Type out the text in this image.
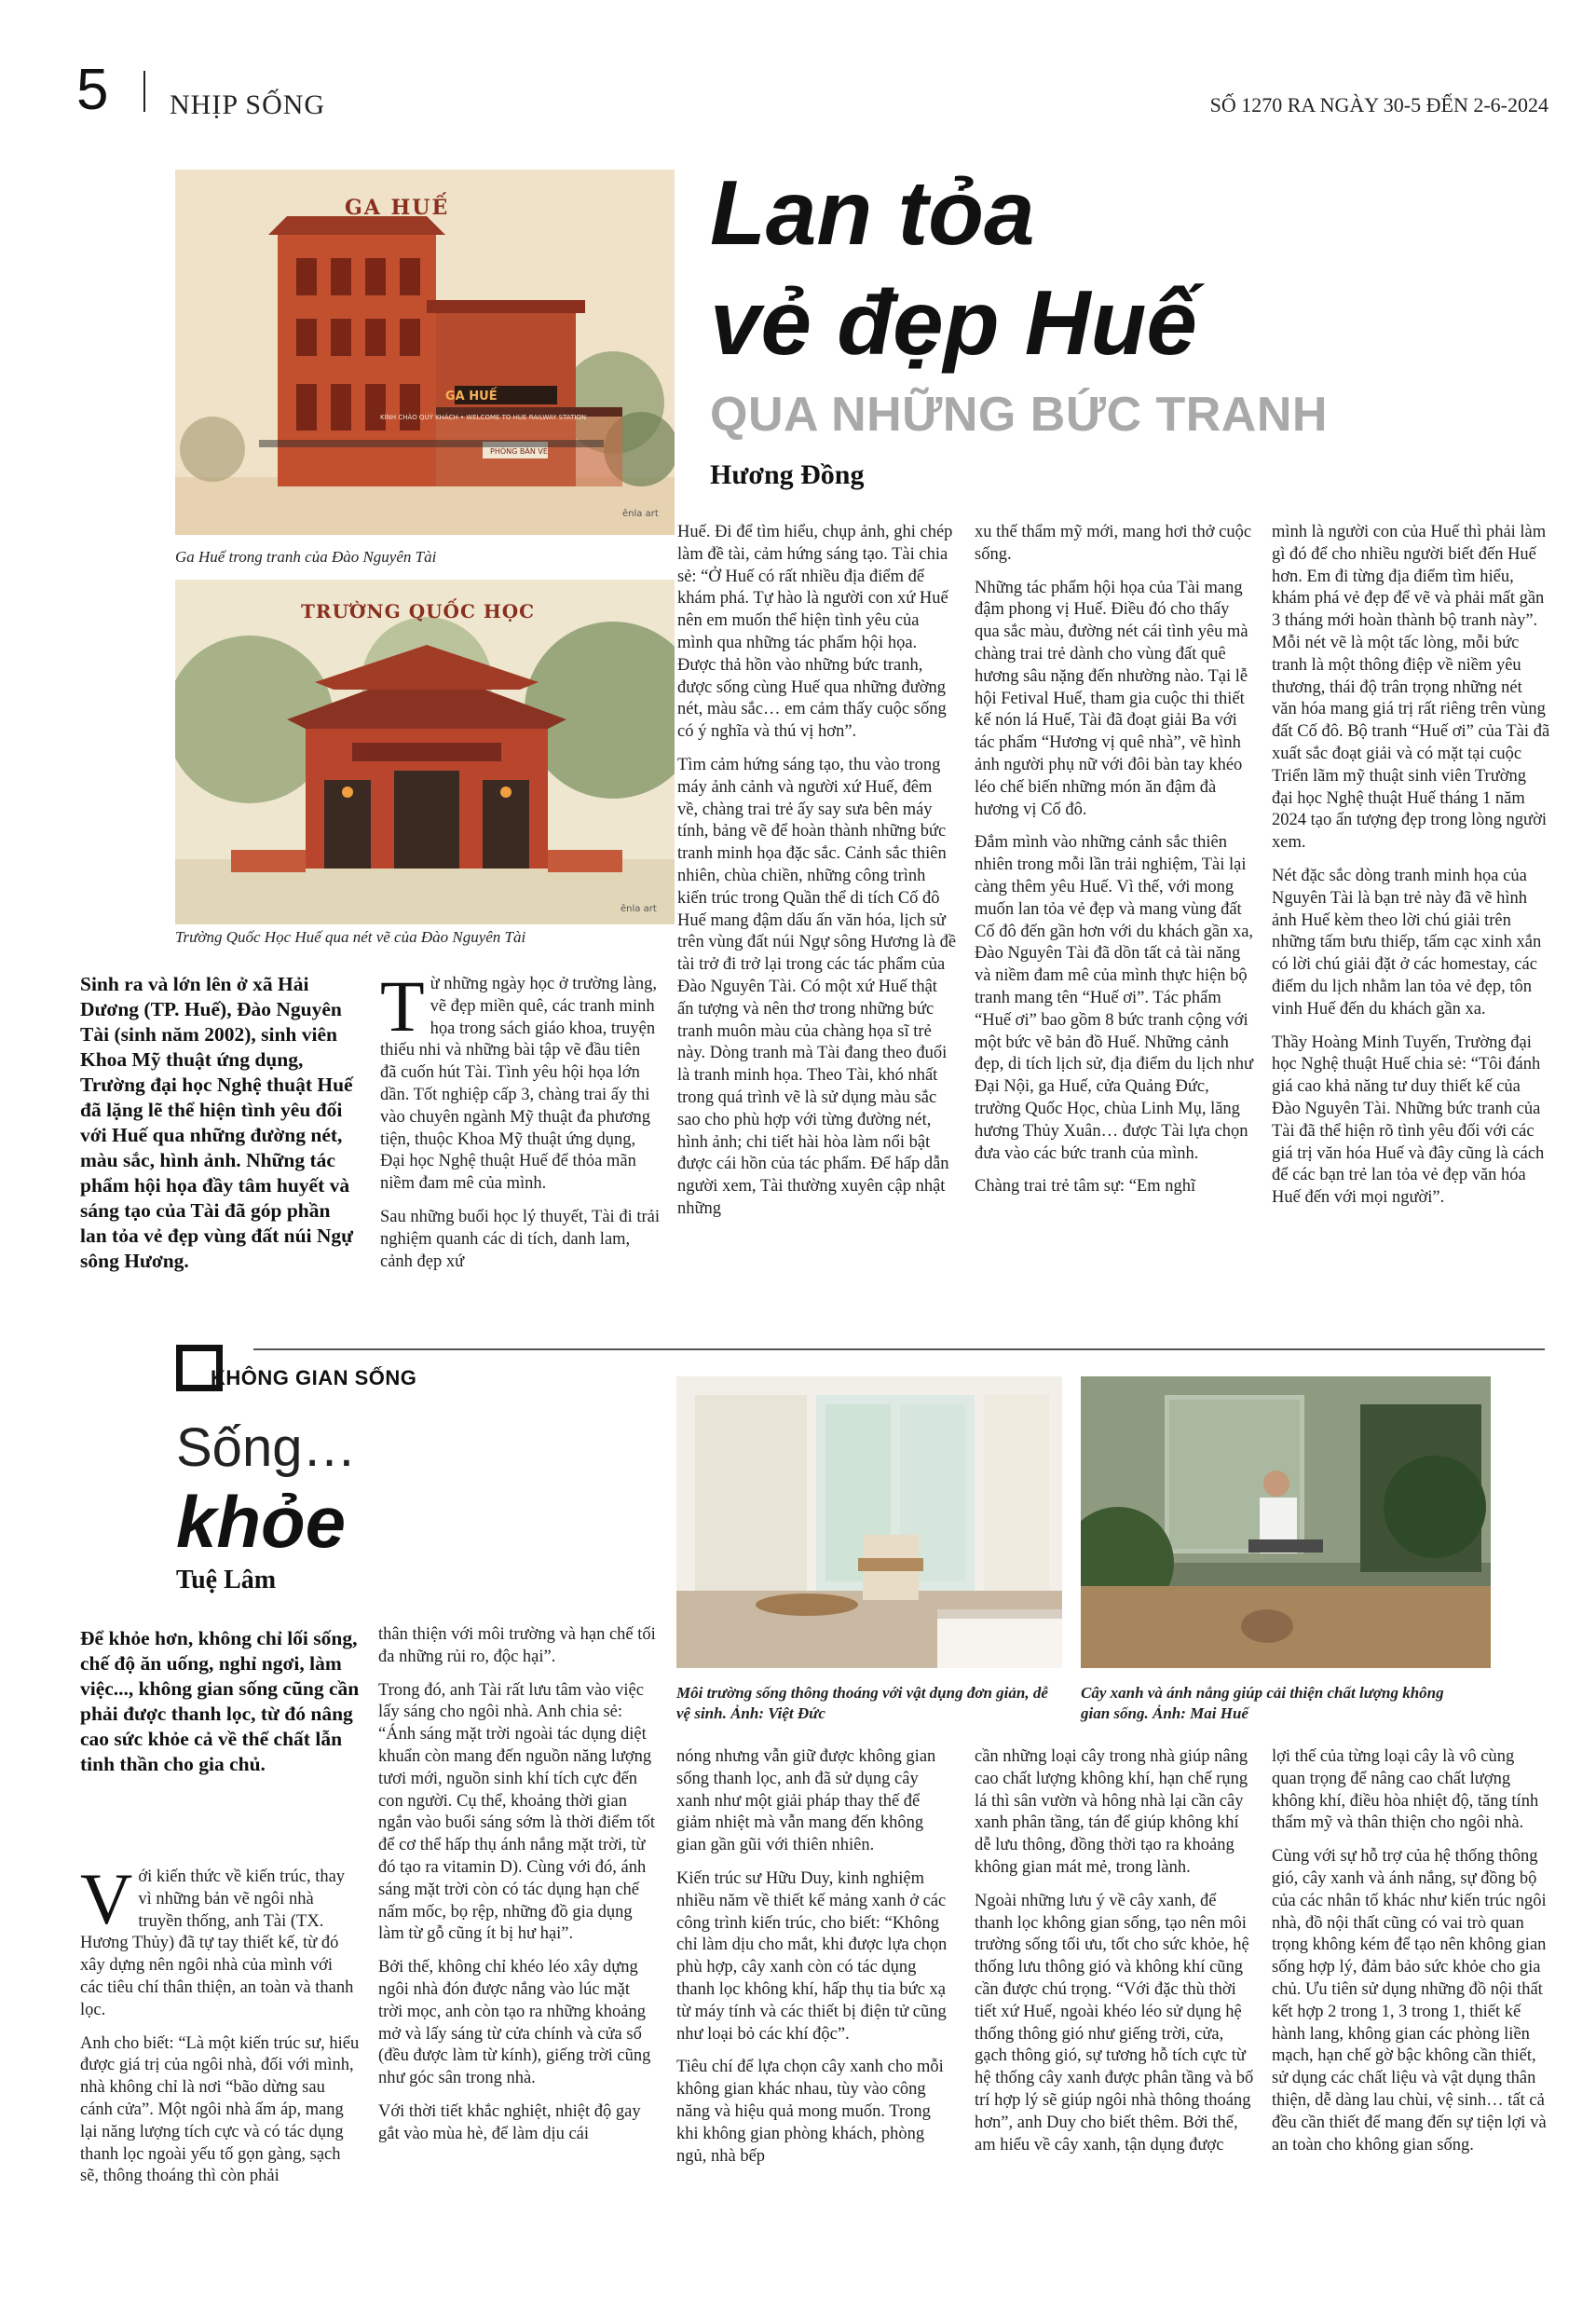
5 NHỊP SỐNG	SỐ 1270 RA NGÀY 30-5 ĐẾN 2-6-2024
GA HUẾ
KÍNH CHÀO QUÝ KHÁCH • WELCOME TO HUE RAILWAY STATION
PHÒNG BÁN VÉ
ênla art
GA HUẾ
Ga Huế trong tranh của Đào Nguyên Tài
ênla art
TRƯỜNG QUỐC HỌC
Trường Quốc Học Huế qua nét vẽ của Đào Nguyên Tài
Lan tỏa
vẻ đẹp Huế
QUA NHỮNG BỨC TRANH
Hương Đồng
Sinh ra và lớn lên ở xã Hải Dương (TP. Huế), Đào Nguyên Tài (sinh năm 2002), sinh viên Khoa Mỹ thuật ứng dụng, Trường đại học Nghệ thuật Huế đã lặng lẽ thể hiện tình yêu đối với Huế qua những đường nét, màu sắc, hình ảnh. Những tác phẩm hội họa đầy tâm huyết và sáng tạo của Tài đã góp phần lan tỏa vẻ đẹp vùng đất núi Ngự sông Hương.
T ừ những ngày học ở trường làng, vẽ đẹp miền quê, các tranh minh họa trong sách giáo khoa, truyện thiếu nhi và những bài tập vẽ đầu tiên đã cuốn hút Tài. Tình yêu hội họa lớn dần. Tốt nghiệp cấp 3, chàng trai ấy thi vào chuyên ngành Mỹ thuật đa phương tiện, thuộc Khoa Mỹ thuật ứng dụng, Đại học Nghệ thuật Huế để thỏa mãn niềm đam mê của mình.

Sau những buổi học lý thuyết, Tài đi trải nghiệm quanh các di tích, danh lam, cảnh đẹp xứ

Huế. Đi để tìm hiểu, chụp ảnh, ghi chép làm đề tài, cảm hứng sáng tạo. Tài chia sẻ: “Ở Huế có rất nhiều địa điểm để khám phá. Tự hào là người con xứ Huế nên em muốn thể hiện tình yêu của mình qua những tác phẩm hội họa. Được thả hồn vào những bức tranh, được sống cùng Huế qua những đường nét, màu sắc… em cảm thấy cuộc sống có ý nghĩa và thú vị hơn”.

Tìm cảm hứng sáng tạo, thu vào trong máy ảnh cảnh và người xứ Huế, đêm về, chàng trai trẻ ấy say sưa bên máy tính, bảng vẽ để hoàn thành những bức tranh minh họa đặc sắc. Cảnh sắc thiên nhiên, chùa chiền, những công trình kiến trúc trong Quần thể di tích Cố đô Huế mang đậm dấu ấn văn hóa, lịch sử trên vùng đất núi Ngự sông Hương là đề tài trở đi trở lại trong các tác phẩm của Đào Nguyên Tài. Có một xứ Huế thật ấn tượng và nên thơ trong những bức tranh muôn màu của chàng họa sĩ trẻ này. Dòng tranh mà Tài đang theo đuổi là tranh minh họa. Theo Tài, khó nhất trong quá trình vẽ là sử dụng màu sắc sao cho phù hợp với từng đường nét, hình ảnh; chi tiết hài hòa làm nổi bật được cái hồn của tác phẩm. Để hấp dẫn người xem, Tài thường xuyên cập nhật những

xu thế thẩm mỹ mới, mang hơi thở cuộc sống.

Những tác phẩm hội họa của Tài mang đậm phong vị Huế. Điều đó cho thấy qua sắc màu, đường nét cái tình yêu mà chàng trai trẻ dành cho vùng đất quê hương sâu nặng đến nhường nào. Tại lễ hội Fetival Huế, tham gia cuộc thi thiết kế nón lá Huế, Tài đã đoạt giải Ba với tác phẩm “Hương vị quê nhà”, vẽ hình ảnh người phụ nữ với đôi bàn tay khéo léo chế biến những món ăn đậm đà hương vị Cố đô.

Đắm mình vào những cảnh sắc thiên nhiên trong mỗi lần trải nghiệm, Tài lại càng thêm yêu Huế. Vì thế, với mong muốn lan tỏa vẻ đẹp và mang vùng đất Cố đô đến gần hơn với du khách gần xa, Đào Nguyên Tài đã dồn tất cả tài năng và niềm đam mê của mình thực hiện bộ tranh mang tên “Huế ơi”. Tác phẩm “Huế ơi” bao gồm 8 bức tranh cộng với một bức vẽ bản đồ Huế. Những cảnh đẹp, di tích lịch sử, địa điểm du lịch như Đại Nội, ga Huế, cửa Quảng Đức, trường Quốc Học, chùa Linh Mụ, lăng hương Thủy Xuân… được Tài lựa chọn đưa vào các bức tranh của mình.

Chàng trai trẻ tâm sự: “Em nghĩ

mình là người con của Huế thì phải làm gì đó để cho nhiều người biết đến Huế hơn. Em đi từng địa điểm tìm hiểu, khám phá vẻ đẹp để vẽ và phải mất gần 3 tháng mới hoàn thành bộ tranh này”. Mỗi nét vẽ là một tấc lòng, mỗi bức tranh là một thông điệp về niềm yêu thương, thái độ trân trọng những nét văn hóa mang giá trị rất riêng trên vùng đất Cố đô. Bộ tranh “Huế ơi” của Tài đã xuất sắc đoạt giải và có mặt tại cuộc Triển lãm mỹ thuật sinh viên Trường đại học Nghệ thuật Huế tháng 1 năm 2024 tạo ấn tượng đẹp trong lòng người xem.

Nét đặc sắc dòng tranh minh họa của Nguyên Tài là bạn trẻ này đã vẽ hình ảnh Huế kèm theo lời chú giải trên những tấm bưu thiếp, tấm cạc xinh xắn có lời chú giải đặt ở các homestay, các điểm du lịch nhằm lan tỏa vẻ đẹp, tôn vinh Huế đến du khách gần xa.

Thầy Hoàng Minh Tuyến, Trường đại học Nghệ thuật Huế chia sẻ: “Tôi đánh giá cao khả năng tư duy thiết kế của Đào Nguyên Tài. Những bức tranh của Tài đã thể hiện rõ tình yêu đối với các giá trị văn hóa Huế và đây cũng là cách để các bạn trẻ lan tỏa vẻ đẹp văn hóa Huế đến với mọi người”.

KHÔNG GIAN SỐNG
Sống…
khỏe
Tuệ Lâm
Để khỏe hơn, không chỉ lối sống, chế độ ăn uống, nghỉ ngơi, làm việc..., không gian sống cũng cần phải được thanh lọc, từ đó nâng cao sức khỏe cả về thể chất lẫn tinh thần cho gia chủ.
Môi trường sống thông thoáng với vật dụng đơn giản, dễ vệ sinh. Ảnh: Việt Đức
Cây xanh và ánh nắng giúp cải thiện chất lượng không gian sống. Ảnh: Mai Huế
V ới kiến thức về kiến trúc, thay vì những bản vẽ ngôi nhà truyền thống, anh Tài (TX. Hương Thủy) đã tự tay thiết kế, từ đó xây dựng nên ngôi nhà của mình với các tiêu chí thân thiện, an toàn và thanh lọc.

Anh cho biết: “Là một kiến trúc sư, hiểu được giá trị của ngôi nhà, đối với mình, nhà không chỉ là nơi “bão dừng sau cánh cửa”. Một ngôi nhà ấm áp, mang lại năng lượng tích cực và có tác dụng thanh lọc ngoài yếu tố gọn gàng, sạch sẽ, thông thoáng thì còn phải

thân thiện với môi trường và hạn chế tối đa những rủi ro, độc hại”.

Trong đó, anh Tài rất lưu tâm vào việc lấy sáng cho ngôi nhà. Anh chia sẻ: “Ánh sáng mặt trời ngoài tác dụng diệt khuẩn còn mang đến nguồn năng lượng tươi mới, nguồn sinh khí tích cực đến con người. Cụ thể, khoảng thời gian ngắn vào buổi sáng sớm là thời điểm tốt để cơ thể hấp thụ ánh nắng mặt trời, từ đó tạo ra vitamin D). Cùng với đó, ánh sáng mặt trời còn có tác dụng hạn chế nấm mốc, bọ rệp, những đồ gia dụng làm từ gỗ cũng ít bị hư hại”.

Bởi thế, không chỉ khéo léo xây dựng ngôi nhà đón được nắng vào lúc mặt trời mọc, anh còn tạo ra những khoảng mở và lấy sáng từ cửa chính và cửa sổ (đều được làm từ kính), giếng trời cũng như góc sân trong nhà.

Với thời tiết khắc nghiệt, nhiệt độ gay gắt vào mùa hè, để làm dịu cái

nóng nhưng vẫn giữ được không gian sống thanh lọc, anh đã sử dụng cây xanh như một giải pháp thay thế để giảm nhiệt mà vẫn mang đến không gian gần gũi với thiên nhiên.

Kiến trúc sư Hữu Duy, kinh nghiệm nhiều năm về thiết kế mảng xanh ở các công trình kiến trúc, cho biết: “Không chỉ làm dịu cho mắt, khi được lựa chọn phù hợp, cây xanh còn có tác dụng thanh lọc không khí, hấp thụ tia bức xạ từ máy tính và các thiết bị điện tử cũng như loại bỏ các khí độc”.

Tiêu chí để lựa chọn cây xanh cho mỗi không gian khác nhau, tùy vào công năng và hiệu quả mong muốn. Trong khi không gian phòng khách, phòng ngủ, nhà bếp

cần những loại cây trong nhà giúp nâng cao chất lượng không khí, hạn chế rụng lá thì sân vườn và hông nhà lại cần cây xanh phân tầng, tán để giúp không khí dễ lưu thông, đồng thời tạo ra khoảng không gian mát mẻ, trong lành.

Ngoài những lưu ý về cây xanh, để thanh lọc không gian sống, tạo nên môi trường sống tối ưu, tốt cho sức khỏe, hệ thống lưu thông gió và không khí cũng cần được chú trọng. “Với đặc thù thời tiết xứ Huế, ngoài khéo léo sử dụng hệ thống thông gió như giếng trời, cửa, gạch thông gió, sự tương hỗ tích cực từ hệ thống cây xanh được phân tầng và bố trí hợp lý sẽ giúp ngôi nhà thông thoáng hơn”, anh Duy cho biết thêm. Bởi thế, am hiểu về cây xanh, tận dụng được

lợi thế của từng loại cây là vô cùng quan trọng để nâng cao chất lượng không khí, điều hòa nhiệt độ, tăng tính thẩm mỹ và thân thiện cho ngôi nhà.

Cùng với sự hỗ trợ của hệ thống thông gió, cây xanh và ánh nắng, sự đồng bộ của các nhân tố khác như kiến trúc ngôi nhà, đồ nội thất cũng có vai trò quan trọng không kém để tạo nên không gian sống hợp lý, đảm bảo sức khỏe cho gia chủ. Ưu tiên sử dụng những đồ nội thất kết hợp 2 trong 1, 3 trong 1, thiết kế hành lang, không gian các phòng liền mạch, hạn chế gờ bậc không cần thiết, sử dụng các chất liệu và vật dụng thân thiện, dễ dàng lau chùi, vệ sinh… tất cả đều cần thiết để mang đến sự tiện lợi và an toàn cho không gian sống.
